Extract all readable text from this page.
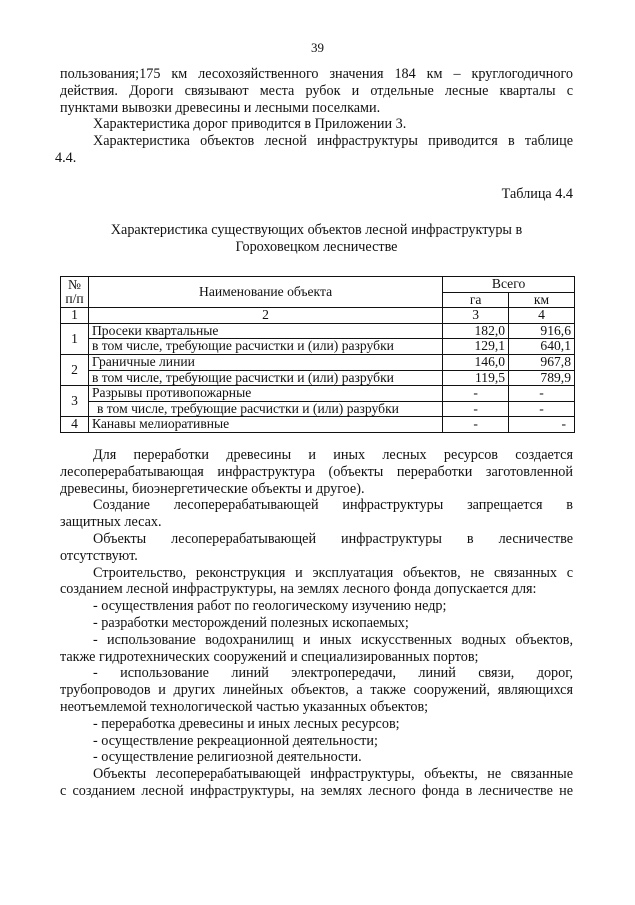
39

пользования;175 км лесохозяйственного значения 184 км – круглогодичного

действия. Дороги связывают места рубок и отдельные лесные кварталы с

пунктами вывозки древесины и лесными поселками.

Характеристика дорог приводится в Приложении 3.

Характеристика объектов лесной инфраструктуры приводится в таблице

4.4.

Таблица 4.4
Характеристика существующих объектов лесной инфраструктуры в
Гороховецком лесничестве
№
п/п	Наименование объекта	Всего	
		га	км
1	2	3	4
1	Просеки квартальные	182,0	916,6
	в том числе, требующие расчистки и (или) разрубки	129,1	640,1
2	Граничные линии	146,0	967,8
	в том числе, требующие расчистки и (или) разрубки	119,5	789,9
3	Разрывы противопожарные	-	-
	в том числе, требующие расчистки и (или) разрубки	-	-
4	Канавы мелиоративные	-	-

Для переработки древесины и иных лесных ресурсов создается

лесоперерабатывающая инфраструктура (объекты переработки заготовленной

древесины, биоэнергетические объекты и другое).

Создание лесоперерабатывающей инфраструктуры запрещается в

защитных лесах.

Объекты лесоперерабатывающей инфраструктуры в лесничестве

отсутствуют.

Строительство, реконструкция и эксплуатация объектов, не связанных с

созданием лесной инфраструктуры, на землях лесного фонда допускается для:

- осуществления работ по геологическому изучению недр;

- разработки месторождений полезных ископаемых;

- использование водохранилищ и иных искусственных водных объектов,

также гидротехнических сооружений и специализированных портов;

- использование линий электропередачи, линий связи, дорог,

трубопроводов и других линейных объектов, а также сооружений, являющихся

неотъемлемой технологической частью указанных объектов;

- переработка древесины и иных лесных ресурсов;

- осуществление рекреационной деятельности;

- осуществление религиозной деятельности.

Объекты лесоперерабатывающей инфраструктуры, объекты, не связанные

с созданием лесной инфраструктуры, на землях лесного фонда в лесничестве не
